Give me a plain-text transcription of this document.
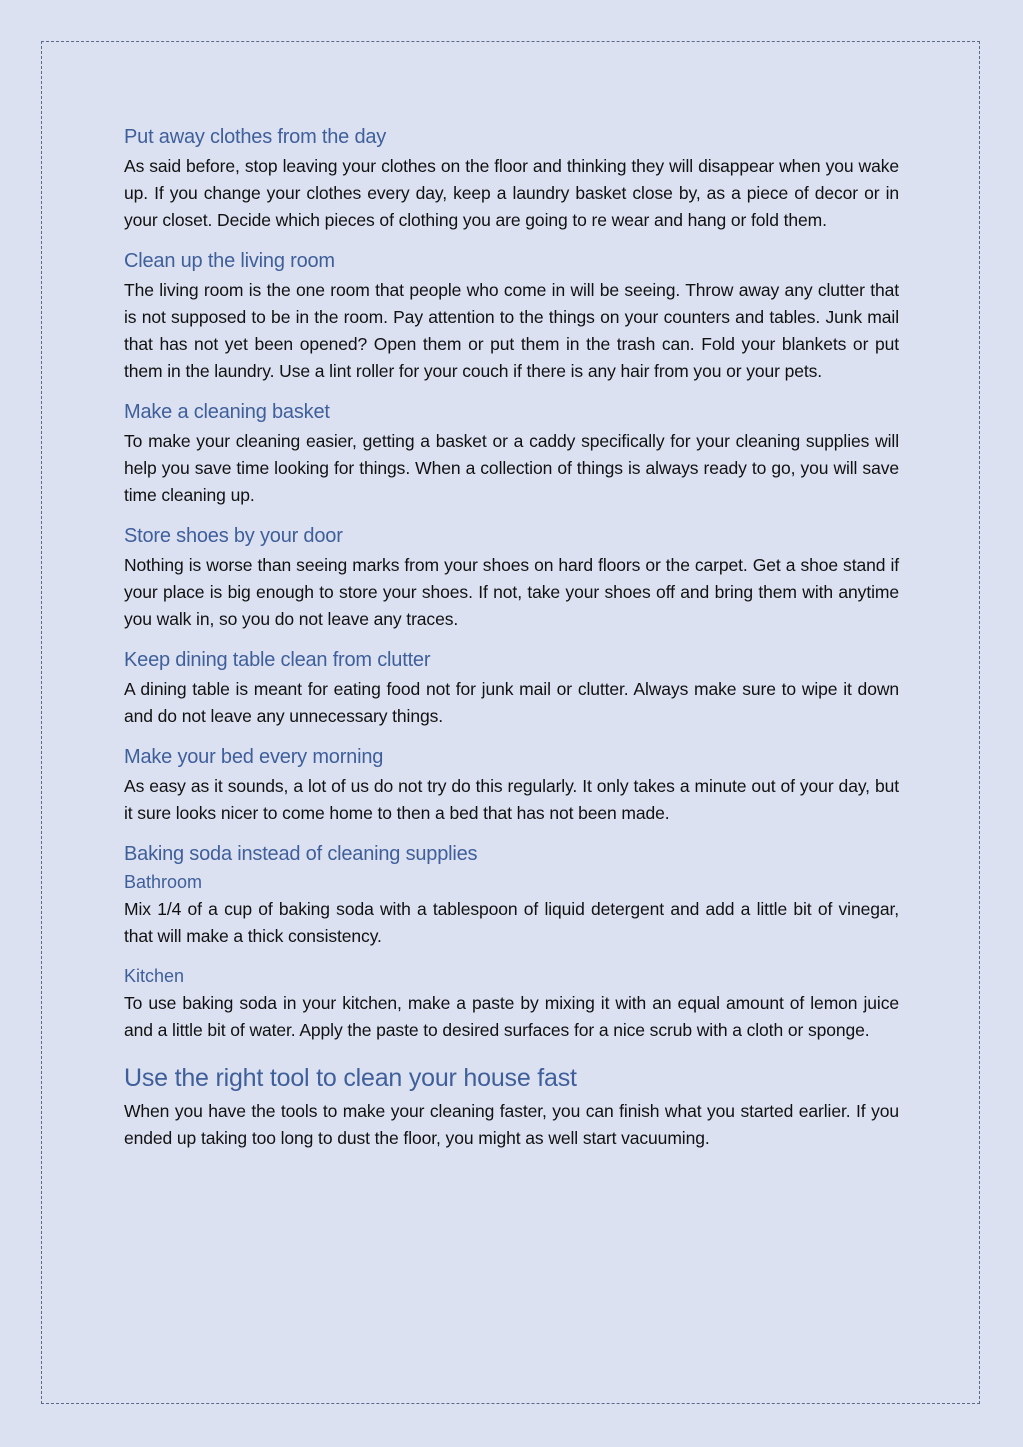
Put away clothes from the day

As said before, stop leaving your clothes on the floor and thinking they will disappear when you wake up. If you change your clothes every day, keep a laundry basket close by, as a piece of decor or in your closet. Decide which pieces of clothing you are going to re wear and hang or fold them.

Clean up the living room

The living room is the one room that people who come in will be seeing. Throw away any clutter that is not supposed to be in the room. Pay attention to the things on your counters and tables. Junk mail that has not yet been opened? Open them or put them in the trash can. Fold your blankets or put them in the laundry. Use a lint roller for your couch if there is any hair from you or your pets.

Make a cleaning basket

To make your cleaning easier, getting a basket or a caddy specifically for your cleaning supplies will help you save time looking for things. When a collection of things is always ready to go, you will save time cleaning up.

Store shoes by your door

Nothing is worse than seeing marks from your shoes on hard floors or the carpet. Get a shoe stand if your place is big enough to store your shoes. If not, take your shoes off and bring them with anytime you walk in, so you do not leave any traces.

Keep dining table clean from clutter

A dining table is meant for eating food not for junk mail or clutter. Always make sure to wipe it down and do not leave any unnecessary things.

Make your bed every morning

As easy as it sounds, a lot of us do not try do this regularly. It only takes a minute out of your day, but it sure looks nicer to come home to then a bed that has not been made.

Baking soda instead of cleaning supplies
Bathroom

Mix 1/4 of a cup of baking soda with a tablespoon of liquid detergent and add a little bit of vinegar, that will make a thick consistency.

Kitchen

To use baking soda in your kitchen, make a paste by mixing it with an equal amount of lemon juice and a little bit of water. Apply the paste to desired surfaces for a nice scrub with a cloth or sponge.

Use the right tool to clean your house fast

When you have the tools to make your cleaning faster, you can finish what you started earlier. If you ended up taking too long to dust the floor, you might as well start vacuuming.
